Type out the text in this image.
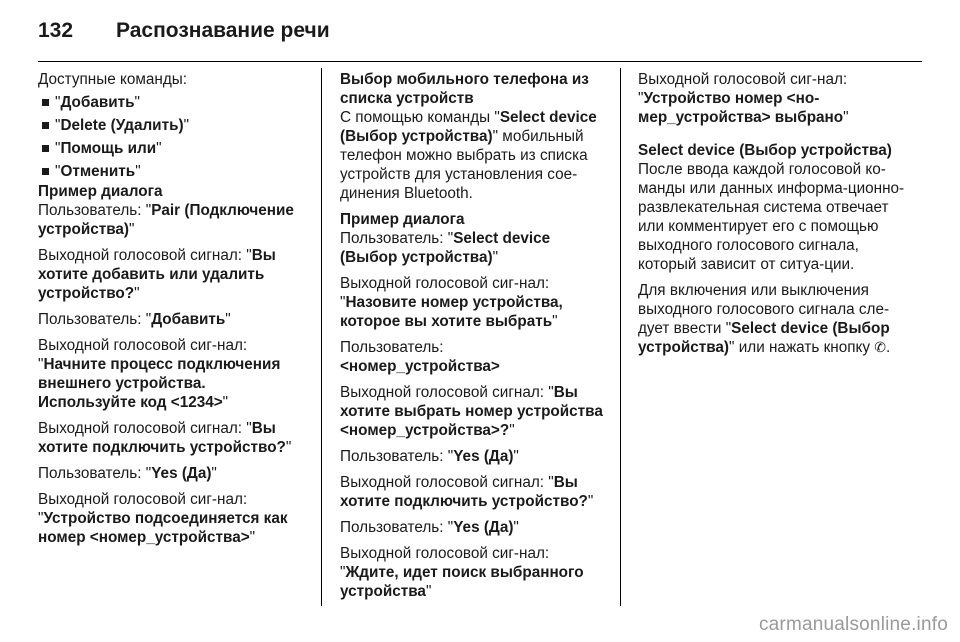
132	Распознавание речи

Доступные команды:

"Добавить"
"Delete (Удалить)"
"Помощь или"
"Отменить"
Пример диалога

Пользователь: "Pair (Подключение устройства)"

Выходной голосовой сигнал: "Вы хотите добавить или удалить устройство?"

Пользователь: "Добавить"

Выходной голосовой сиг-нал: "Начните процесс подключения внешнего устройства. Используйте код <1234>"

Выходной голосовой сигнал: "Вы хотите подключить устройство?"

Пользователь: "Yes (Да)"

Выходной голосовой сиг-нал: "Устройство подсоединяется как номер <номер_устройства>"

Выбор мобильного телефона из списка устройств

С помощью команды "Select device (Выбор устройства)" мобильный телефон можно выбрать из списка устройств для установления сое-динения Bluetooth.

Пример диалога

Пользователь: "Select device (Выбор устройства)"

Выходной голосовой сиг-нал: "Назовите номер устройства, которое вы хотите выбрать"

Пользователь:
<номер_устройства>

Выходной голосовой сигнал: "Вы хотите выбрать номер устройства <номер_устройства>?"

Пользователь: "Yes (Да)"

Выходной голосовой сигнал: "Вы хотите подключить устройство?"

Пользователь: "Yes (Да)"

Выходной голосовой сиг-нал: "Ждите, идет поиск выбранного устройства"

Выходной голосовой сиг-нал: "Устройство номер <но-мер_устройства> выбрано"

Select device (Выбор устройства)

После ввода каждой голосовой ко-манды или данных информа-ционно-развлекательная система отвечает или комментирует его с помощью выходного голосового сигнала, который зависит от ситуа-ции.

Для включения или выключения выходного голосового сигнала сле-дует ввести "Select device (Выбор устройства)" или нажать кнопку ✆.

carmanualsonline.info
